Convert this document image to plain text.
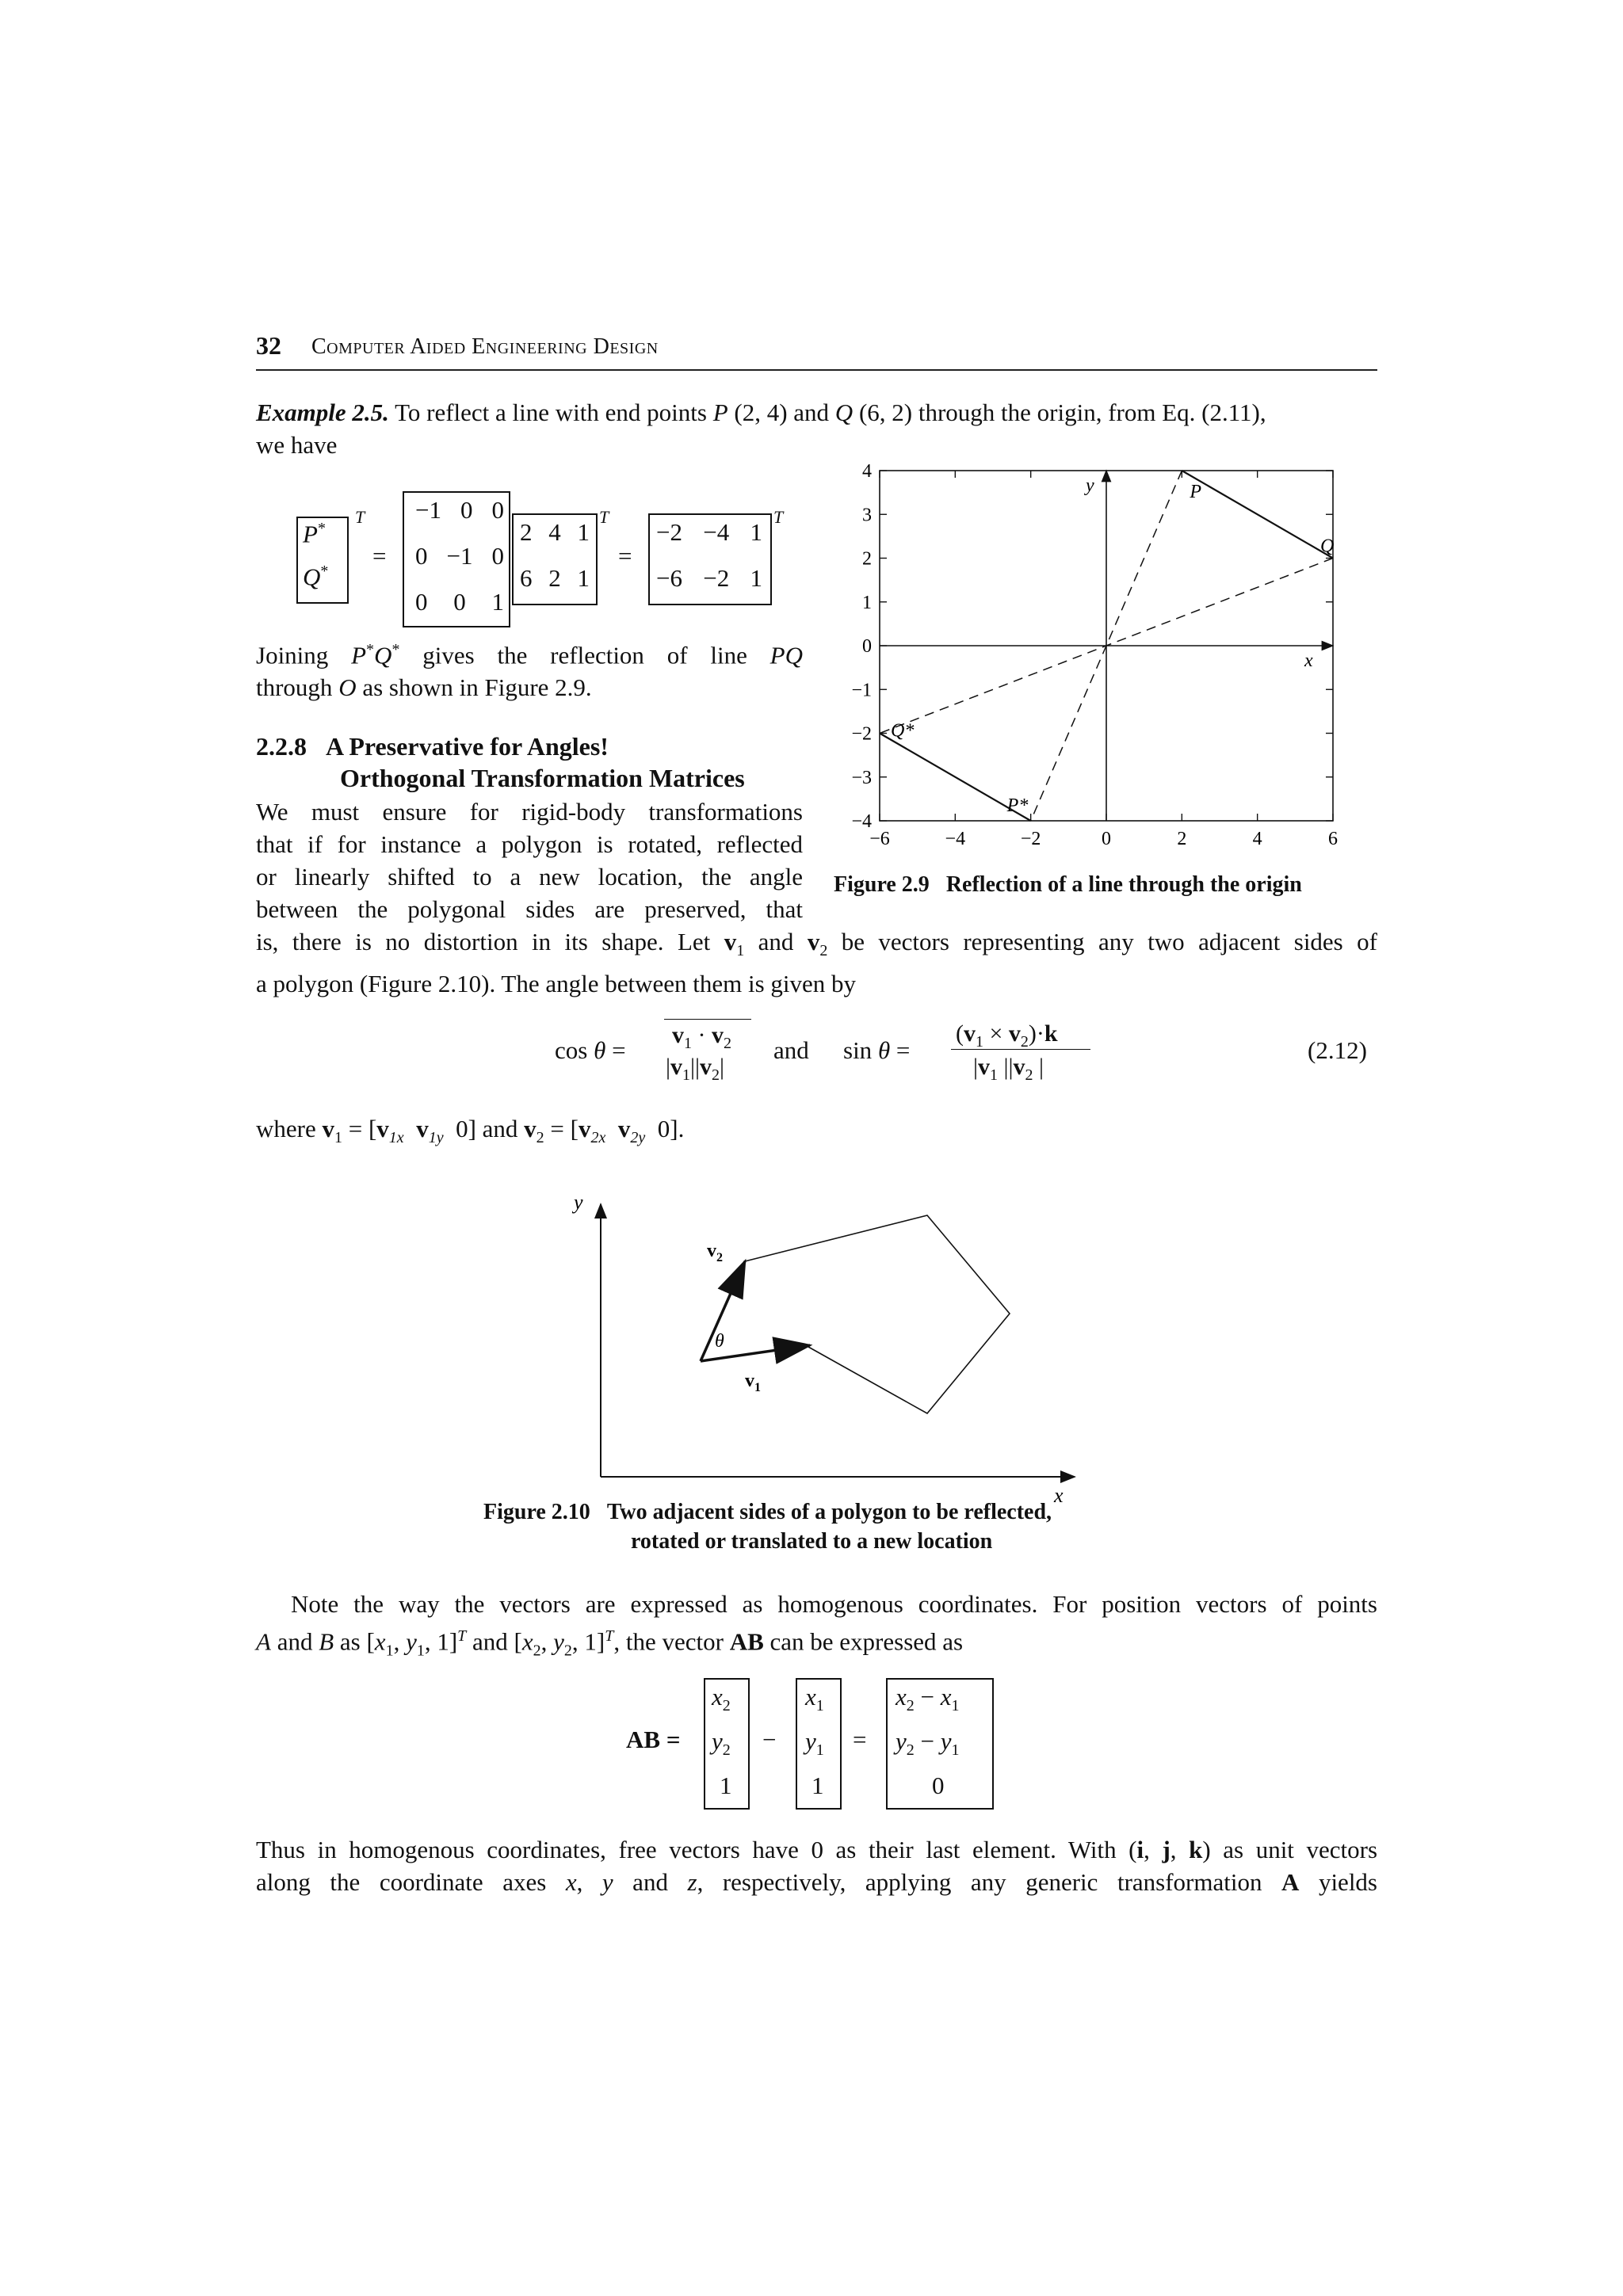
32 Computer Aided Engineering Design
Example 2.5. To reflect a line with end points P (2, 4) and Q (6, 2) through the origin, from Eq. (2.11),
we have
P*
Q*
T
=
−1 0 0
0 −1 0
0 0 1
2 4 1
6 2 1
T
=
−2 −4 1
−6 −2 1
T
Joining P*Q* gives the reflection of line PQ
through O as shown in Figure 2.9.
2.2.8 A Preservative for Angles!
Orthogonal Transformation Matrices
We must ensure for rigid-body transformations
that if for instance a polygon is rotated, reflected
or linearly shifted to a new location, the angle
between the polygonal sides are preserved, that
is, there is no distortion in its shape. Let $v_1$ and $v_2$ be vectors representing any two adjacent sides of
a polygon (Figure 2.10). The angle between them is given by
−6	−4	−2	0	2	4	6
4
3
2
1
0
−1
−2
−3
−4
x
y	P
Q
P*
Q*
Figure 2.9 Reflection of a line through the origin
cos θ =
$v_1 \cdot v_2$
$|v_1||v_2|$
and sin θ =
$(v_1 \times v_2)\cdot k$
$|v_1$ $||v_2$ |
(2.12)
where $v_1 = [v_{1x}$ $v_{1y}$ 0] and $v_2 = [v_{2x}$ $v_{2y}$ 0].
y
x
$v_2$
θ
$v_1$
Figure 2.10 Two adjacent sides of a polygon to be reflected,
rotated or translated to a new location
Note the way the vectors are expressed as homogenous coordinates. For position vectors of points
A and B as [$x_1$, $y_1$, 1]$^T$ and [$x_2$, $y_2$, 1]$^T$, the vector AB can be expressed as
AB =
$x_2$
$y_2$
1
−
$x_1$
$y_1$
1
=
$x_2 - x_1$
$y_2 - y_1$
0
Thus in homogenous coordinates, free vectors have 0 as their last element. With (i, j, k) as unit vectors
along the coordinate axes x, y and z, respectively, applying any generic transformation A yields
